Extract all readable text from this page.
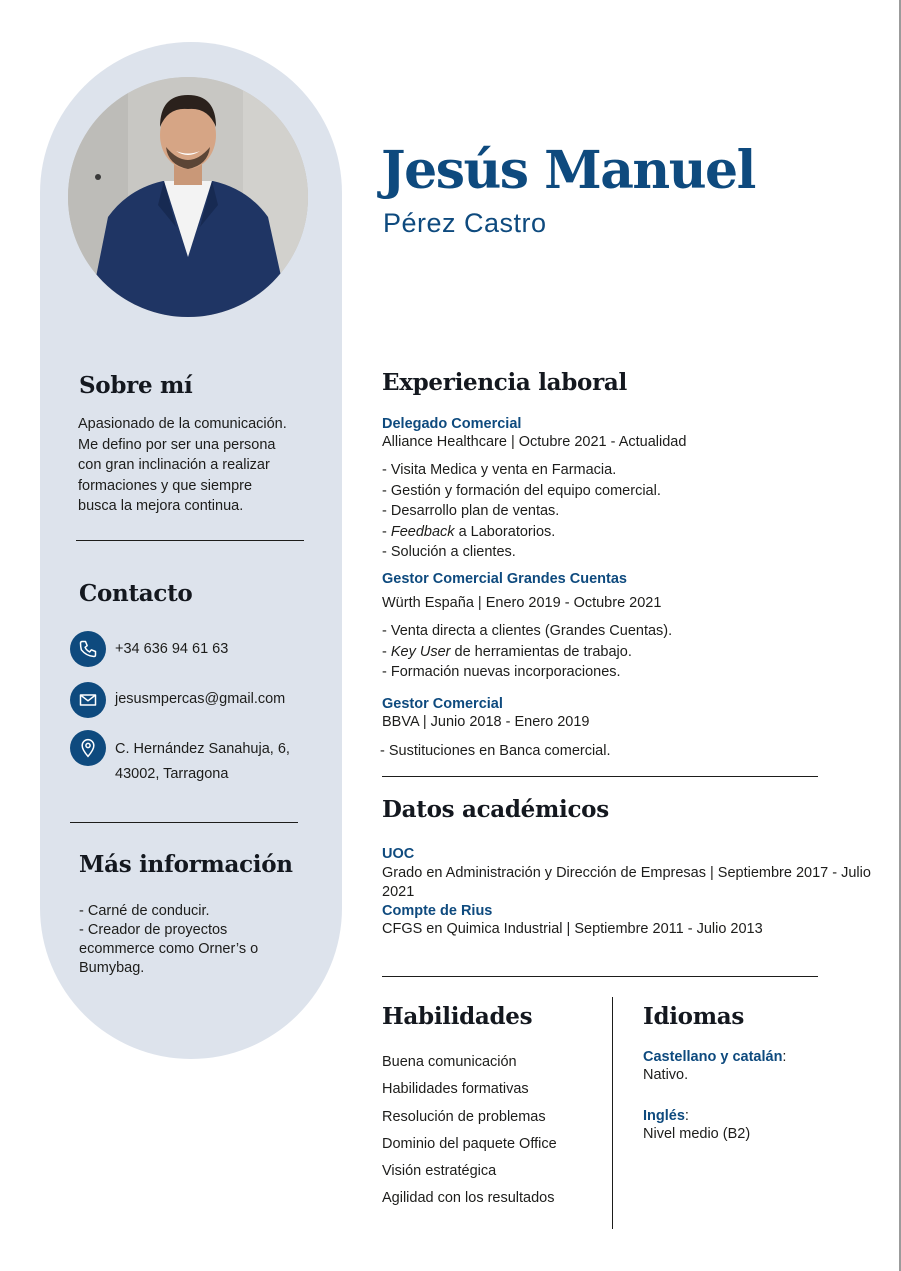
Sobre mí
Apasionado de la comunicación.
Me defino por ser una persona
con gran inclinación a realizar
formaciones y que siempre
busca la mejora continua.
Contacto
+34 636 94 61 63
jesusmpercas@gmail.com
C. Hernández Sanahuja, 6,
43002, Tarragona
Más información
- Carné de conducir.
- Creador de proyectos
ecommerce como Orner’s o
Bumybag.
Jesús Manuel
Pérez Castro
Experiencia laboral
Delegado Comercial
Alliance Healthcare | Octubre 2021 - Actualidad
- Visita Medica y venta en Farmacia.
- Gestión y formación del equipo comercial.
- Desarrollo plan de ventas.
- Feedback a Laboratorios.
- Solución a clientes.
Gestor Comercial Grandes Cuentas
Würth España | Enero 2019 - Octubre 2021
- Venta directa a clientes (Grandes Cuentas).
- Key User de herramientas de trabajo.
- Formación nuevas incorporaciones.
Gestor Comercial
BBVA | Junio 2018 - Enero 2019
- Sustituciones en Banca comercial.
Datos académicos
UOC
Grado en Administración y Dirección de Empresas | Septiembre 2017 - Julio 2021
Compte de Rius
CFGS en Quimica Industrial | Septiembre 2011 - Julio 2013
Habilidades
Buena comunicación
Habilidades formativas
Resolución de problemas
Dominio del paquete Office
Visión estratégica
Agilidad con los resultados
Idiomas
Castellano y catalán:
Nativo.
Inglés:
Nivel medio (B2)
